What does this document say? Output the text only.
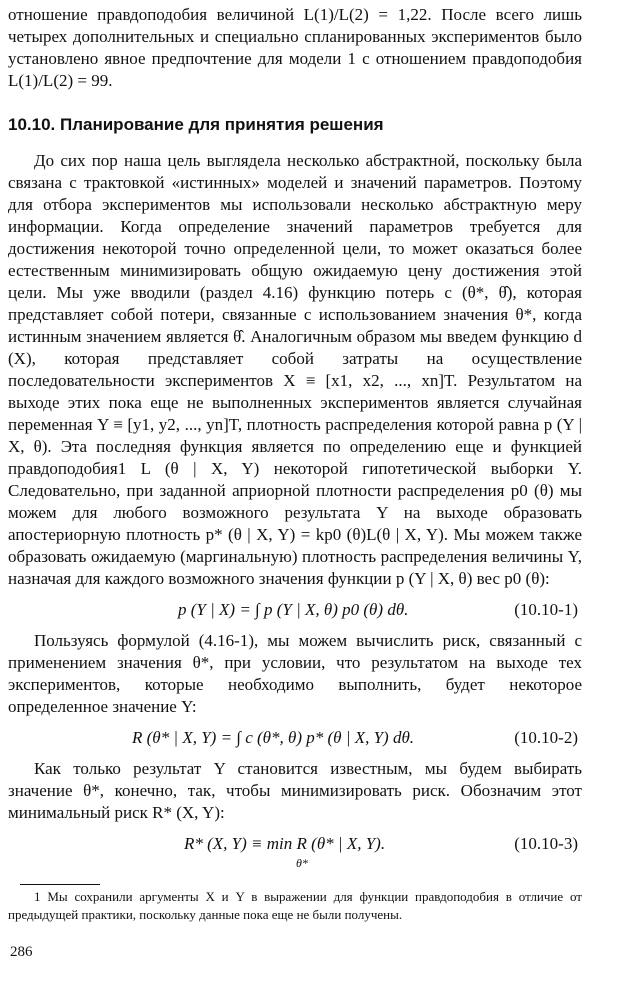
отношение правдоподобия величиной L(1)/L(2) = 1,22. После всего лишь четырех дополнительных и специально спланированных экспериментов было установлено явное предпочтение для модели 1 с отношением правдоподобия L(1)/L(2) = 99.

10.10. Планирование для принятия решения

До сих пор наша цель выглядела несколько абстрактной, поскольку была связана с трактовкой «истинных» моделей и значений параметров. Поэтому для отбора экспериментов мы использовали несколько абстрактную меру информации. Когда определение значений параметров требуется для достижения некоторой точно определенной цели, то может оказаться более естественным минимизировать общую ожидаемую цену достижения этой цели. Мы уже вводили (раздел 4.16) функцию потерь c (θ*, θ̂), которая представляет собой потери, связанные с использованием значения θ*, когда истинным значением является θ̂. Аналогичным образом мы введем функцию d (X), которая представляет собой затраты на осуществление последовательности экспериментов X ≡ [x1, x2, ..., xn]T. Результатом на выходе этих пока еще не выполненных экспериментов является случайная переменная Y ≡ [y1, y2, ..., yn]T, плотность распределения которой равна p (Y | X, θ). Эта последняя функция является по определению еще и функцией правдоподобия1 L (θ | X, Y) некоторой гипотетической выборки Y. Следовательно, при заданной априорной плотности распределения p0 (θ) мы можем для любого возможного результата Y на выходе образовать апостериорную плотность p* (θ | X, Y) = kp0 (θ)L(θ | X, Y). Мы можем также образовать ожидаемую (маргинальную) плотность распределения величины Y, назначая для каждого возможного значения функции p (Y | X, θ) вес p0 (θ):

p (Y | X) = ∫ p (Y | X, θ) p0 (θ) dθ.	(10.10-1)

Пользуясь формулой (4.16-1), мы можем вычислить риск, связанный с применением значения θ*, при условии, что результатом на выходе тех экспериментов, которые необходимо выполнить, будет некоторое определенное значение Y:

R (θ* | X, Y) = ∫ c (θ*, θ) p* (θ | X, Y) dθ.	(10.10-2)

Как только результат Y становится известным, мы будем выбирать значение θ*, конечно, так, чтобы минимизировать риск. Обозначим этот минимальный риск R* (X, Y):

R* (X, Y) ≡ min R (θ* | X, Y).
θ*
(10.10-3)
1 Мы сохранили аргументы X и Y в выражении для функции правдоподобия в отличие от предыдущей практики, поскольку данные пока еще не были получены.
286
